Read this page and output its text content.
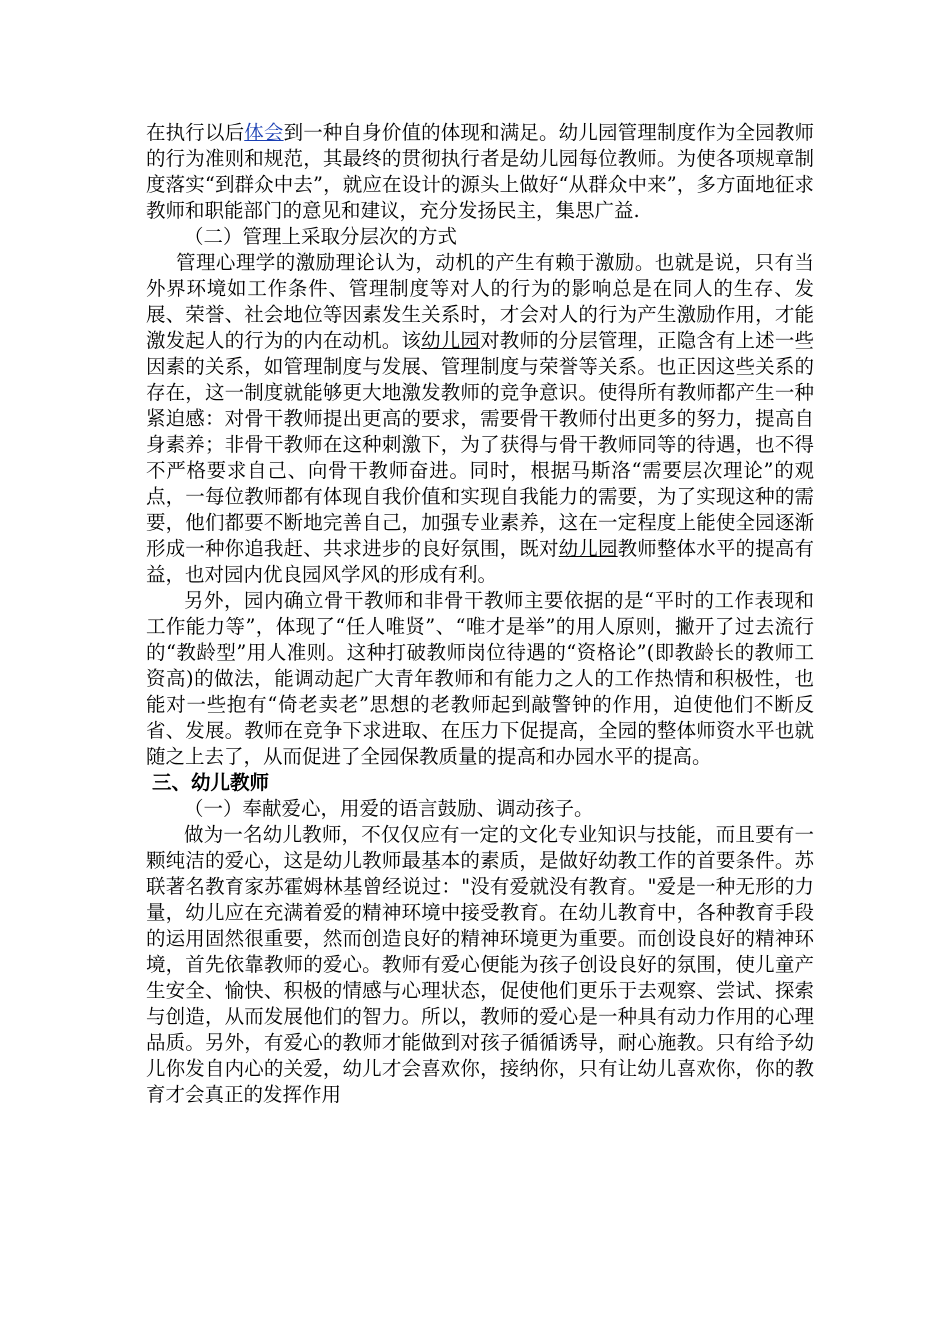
在执行以后体会到一种自身价值的体现和满足。幼儿园管理制度作为全园教师的行为准则和规范，其最终的贯彻执行者是幼儿园每位教师。为使各项规章制度落实“到群众中去”，就应在设计的源头上做好“从群众中来”，多方面地征求教师和职能部门的意见和建议，充分发扬民主，集思广益.

（二）管理上采取分层次的方式

管理心理学的激励理论认为，动机的产生有赖于激励。也就是说，只有当外界环境如工作条件、管理制度等对人的行为的影响总是在同人的生存、发展、荣誉、社会地位等因素发生关系时，才会对人的行为产生激励作用，才能激发起人的行为的内在动机。该幼儿园对教师的分层管理，正隐含有上述一些因素的关系，如管理制度与发展、管理制度与荣誉等关系。也正因这些关系的存在，这一制度就能够更大地激发教师的竞争意识。使得所有教师都产生一种紧迫感：对骨干教师提出更高的要求，需要骨干教师付出更多的努力，提高自身素养；非骨干教师在这种刺激下，为了获得与骨干教师同等的待遇，也不得不严格要求自己、向骨干教师奋进。同时，根据马斯洛“需要层次理论”的观点，一每位教师都有体现自我价值和实现自我能力的需要，为了实现这种的需要，他们都要不断地完善自己，加强专业素养，这在一定程度上能使全园逐渐形成一种你追我赶、共求进步的良好氛围，既对幼儿园教师整体水平的提高有益，也对园内优良园风学风的形成有利。

另外，园内确立骨干教师和非骨干教师主要依据的是“平时的工作表现和工作能力等”，体现了“任人唯贤”、“唯才是举”的用人原则，撇开了过去流行的“教龄型”用人准则。这种打破教师岗位待遇的“资格论”(即教龄长的教师工资高)的做法，能调动起广大青年教师和有能力之人的工作热情和积极性，也能对一些抱有“倚老卖老”思想的老教师起到敲警钟的作用，迫使他们不断反省、发展。教师在竞争下求进取、在压力下促提高，全园的整体师资水平也就随之上去了，从而促进了全园保教质量的提高和办园水平的提高。

三、幼儿教师

（一）奉献爱心，用爱的语言鼓励、调动孩子。

做为一名幼儿教师，不仅仅应有一定的文化专业知识与技能，而且要有一颗纯洁的爱心，这是幼儿教师最基本的素质，是做好幼教工作的首要条件。苏联著名教育家苏霍姆林基曾经说过："没有爱就没有教育。"爱是一种无形的力量，幼儿应在充满着爱的精神环境中接受教育。在幼儿教育中，各种教育手段的运用固然很重要，然而创造良好的精神环境更为重要。而创设良好的精神环境，首先依靠教师的爱心。教师有爱心便能为孩子创设良好的氛围，使儿童产生安全、愉快、积极的情感与心理状态，促使他们更乐于去观察、尝试、探索与创造，从而发展他们的智力。所以，教师的爱心是一种具有动力作用的心理品质。另外，有爱心的教师才能做到对孩子循循诱导，耐心施教。只有给予幼儿你发自内心的关爱，幼儿才会喜欢你，接纳你，只有让幼儿喜欢你，你的教育才会真正的发挥作用
